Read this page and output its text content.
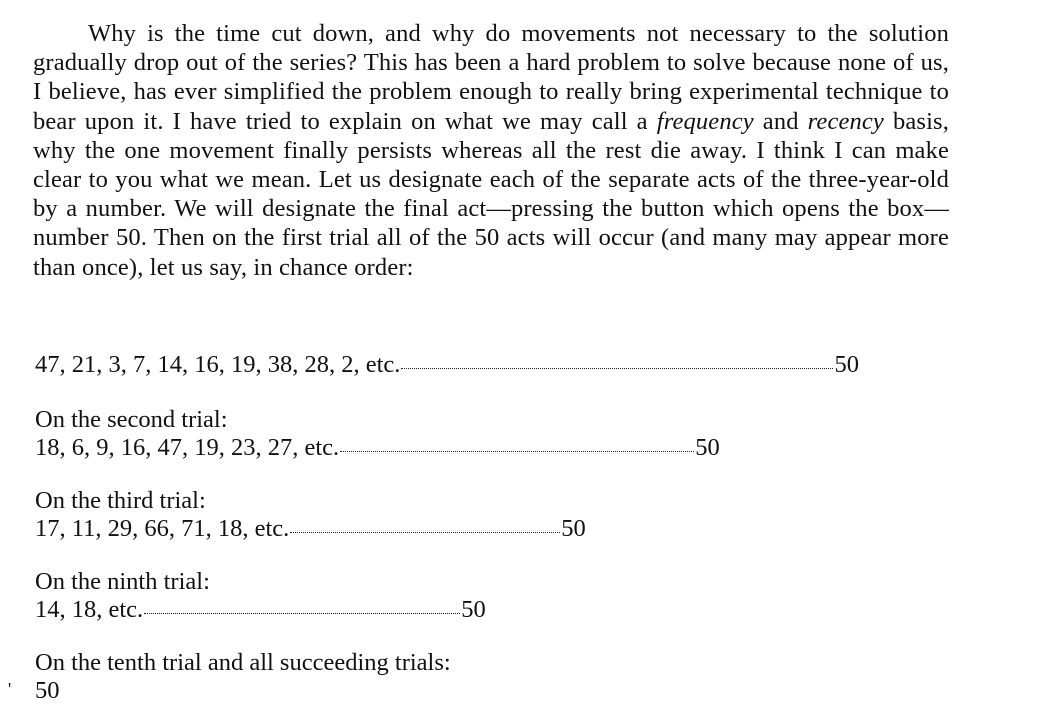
Why is the time cut down, and why do movements not necessary to the solution gradually drop out of the series? This has been a hard problem to solve because none of us, I believe, has ever simplified the problem enough to really bring experimental technique to bear upon it. I have tried to explain on what we may call a frequency and recency basis, why the one movement finally persists whereas all the rest die away. I think I can make clear to you what we mean. Let us designate each of the separate acts of the three-year-old by a number. We will designate the final act—pressing the button which opens the box—number 50. Then on the first trial all of the 50 acts will occur (and many may appear more than once), let us say, in chance order:

47, 21, 3, 7, 14, 16, 19, 38, 28, 2, etc.	50
On the second trial:
18, 6, 9, 16, 47, 19, 23, 27, etc.	50
On the third trial:
17, 11, 29, 66, 71, 18, etc.	50
On the ninth trial:
14, 18, etc.	50
On the tenth trial and all succeeding trials:
50
'
